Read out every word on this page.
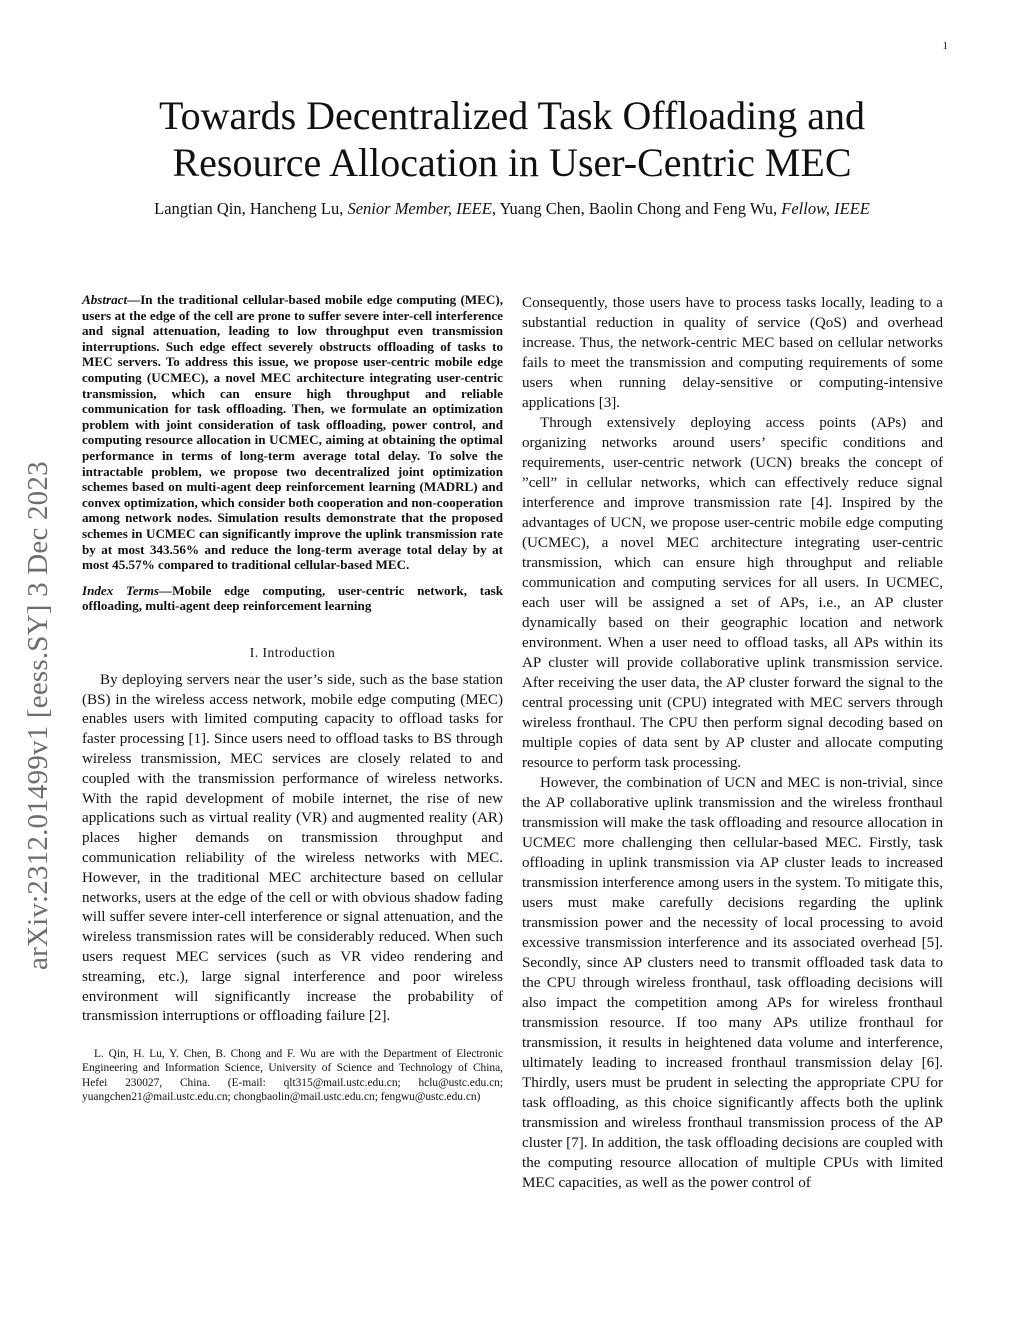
1
arXiv:2312.01499v1 [eess.SY] 3 Dec 2023
Towards Decentralized Task Offloading and
Resource Allocation in User-Centric MEC
Langtian Qin, Hancheng Lu, Senior Member, IEEE, Yuang Chen, Baolin Chong and Feng Wu, Fellow, IEEE

Abstract—In the traditional cellular-based mobile edge computing (MEC), users at the edge of the cell are prone to suffer severe inter-cell interference and signal attenuation, leading to low throughput even transmission interruptions. Such edge effect severely obstructs offloading of tasks to MEC servers. To address this issue, we propose user-centric mobile edge computing (UCMEC), a novel MEC architecture integrating user-centric transmission, which can ensure high throughput and reliable communication for task offloading. Then, we formulate an optimization problem with joint consideration of task offloading, power control, and computing resource allocation in UCMEC, aiming at obtaining the optimal performance in terms of long-term average total delay. To solve the intractable problem, we propose two decentralized joint optimization schemes based on multi-agent deep reinforcement learning (MADRL) and convex optimization, which consider both cooperation and non-cooperation among network nodes. Simulation results demonstrate that the proposed schemes in UCMEC can significantly improve the uplink transmission rate by at most 343.56% and reduce the long-term average total delay by at most 45.57% compared to traditional cellular-based MEC.

Index Terms—Mobile edge computing, user-centric network, task offloading, multi-agent deep reinforcement learning

I. Introduction

By deploying servers near the user’s side, such as the base station (BS) in the wireless access network, mobile edge computing (MEC) enables users with limited computing capacity to offload tasks for faster processing [1]. Since users need to offload tasks to BS through wireless transmission, MEC services are closely related to and coupled with the transmission performance of wireless networks. With the rapid development of mobile internet, the rise of new applications such as virtual reality (VR) and augmented reality (AR) places higher demands on transmission throughput and communication reliability of the wireless networks with MEC. However, in the traditional MEC architecture based on cellular networks, users at the edge of the cell or with obvious shadow fading will suffer severe inter-cell interference or signal attenuation, and the wireless transmission rates will be considerably reduced. When such users request MEC services (such as VR video rendering and streaming, etc.), large signal interference and poor wireless environment will significantly increase the probability of transmission interruptions or offloading failure [2].

L. Qin, H. Lu, Y. Chen, B. Chong and F. Wu are with the Department of Electronic Engineering and Information Science, University of Science and Technology of China, Hefei 230027, China. (E-mail: qlt315@mail.ustc.edu.cn; hclu@ustc.edu.cn; yuangchen21@mail.ustc.edu.cn; chongbaolin@mail.ustc.edu.cn; fengwu@ustc.edu.cn)

Consequently, those users have to process tasks locally, leading to a substantial reduction in quality of service (QoS) and overhead increase. Thus, the network-centric MEC based on cellular networks fails to meet the transmission and computing requirements of some users when running delay-sensitive or computing-intensive applications [3].

Through extensively deploying access points (APs) and organizing networks around users’ specific conditions and requirements, user-centric network (UCN) breaks the concept of ”cell” in cellular networks, which can effectively reduce signal interference and improve transmission rate [4]. Inspired by the advantages of UCN, we propose user-centric mobile edge computing (UCMEC), a novel MEC architecture integrating user-centric transmission, which can ensure high throughput and reliable communication and computing services for all users. In UCMEC, each user will be assigned a set of APs, i.e., an AP cluster dynamically based on their geographic location and network environment. When a user need to offload tasks, all APs within its AP cluster will provide collaborative uplink transmission service. After receiving the user data, the AP cluster forward the signal to the central processing unit (CPU) integrated with MEC servers through wireless fronthaul. The CPU then perform signal decoding based on multiple copies of data sent by AP cluster and allocate computing resource to perform task processing.

However, the combination of UCN and MEC is non-trivial, since the AP collaborative uplink transmission and the wireless fronthaul transmission will make the task offloading and resource allocation in UCMEC more challenging then cellular-based MEC. Firstly, task offloading in uplink transmission via AP cluster leads to increased transmission interference among users in the system. To mitigate this, users must make carefully decisions regarding the uplink transmission power and the necessity of local processing to avoid excessive transmission interference and its associated overhead [5]. Secondly, since AP clusters need to transmit offloaded task data to the CPU through wireless fronthaul, task offloading decisions will also impact the competition among APs for wireless fronthaul transmission resource. If too many APs utilize fronthaul for transmission, it results in heightened data volume and interference, ultimately leading to increased fronthaul transmission delay [6]. Thirdly, users must be prudent in selecting the appropriate CPU for task offloading, as this choice significantly affects both the uplink transmission and wireless fronthaul transmission process of the AP cluster [7]. In addition, the task offloading decisions are coupled with the computing resource allocation of multiple CPUs with limited MEC capacities, as well as the power control of
